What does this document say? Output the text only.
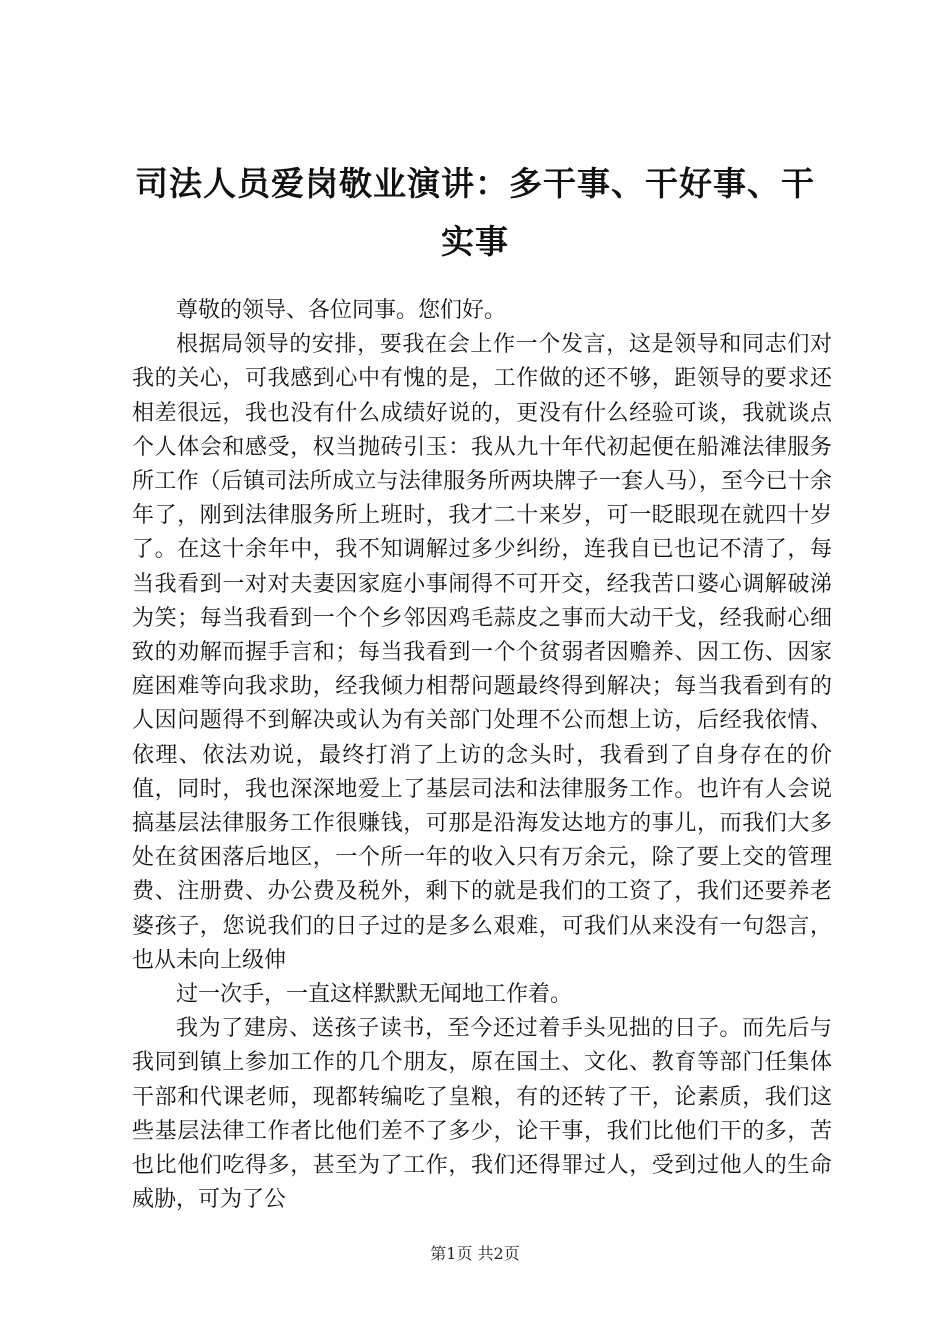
司法人员爱岗敬业演讲：多干事、干好事、干
实事

尊敬的领导、各位同事。您们好。

根据局领导的安排，要我在会上作一个发言，这是领导和同志们对我的关心，可我感到心中有愧的是，工作做的还不够，距领导的要求还相差很远，我也没有什么成绩好说的，更没有什么经验可谈，我就谈点个人体会和感受，权当抛砖引玉：我从九十年代初起便在船滩法律服务所工作（后镇司法所成立与法律服务所两块牌子一套人马），至今已十余年了，刚到法律服务所上班时，我才二十来岁，可一眨眼现在就四十岁了。在这十余年中，我不知调解过多少纠纷，连我自已也记不清了，每当我看到一对对夫妻因家庭小事闹得不可开交，经我苦口婆心调解破涕为笑；每当我看到一个个乡邻因鸡毛蒜皮之事而大动干戈，经我耐心细致的劝解而握手言和；每当我看到一个个贫弱者因赡养、因工伤、因家庭困难等向我求助，经我倾力相帮问题最终得到解决；每当我看到有的人因问题得不到解决或认为有关部门处理不公而想上访，后经我依情、依理、依法劝说，最终打消了上访的念头时，我看到了自身存在的价值，同时，我也深深地爱上了基层司法和法律服务工作。也许有人会说搞基层法律服务工作很赚钱，可那是沿海发达地方的事儿，而我们大多处在贫困落后地区，一个所一年的收入只有万余元，除了要上交的管理费、注册费、办公费及税外，剩下的就是我们的工资了，我们还要养老婆孩子，您说我们的日子过的是多么艰难，可我们从来没有一句怨言，也从未向上级伸

过一次手，一直这样默默无闻地工作着。

我为了建房、送孩子读书，至今还过着手头见拙的日子。而先后与我同到镇上参加工作的几个朋友，原在国土、文化、教育等部门任集体干部和代课老师，现都转编吃了皇粮，有的还转了干，论素质，我们这些基层法律工作者比他们差不了多少，论干事，我们比他们干的多，苦也比他们吃得多，甚至为了工作，我们还得罪过人，受到过他人的生命威胁，可为了公

第1页 共2页
